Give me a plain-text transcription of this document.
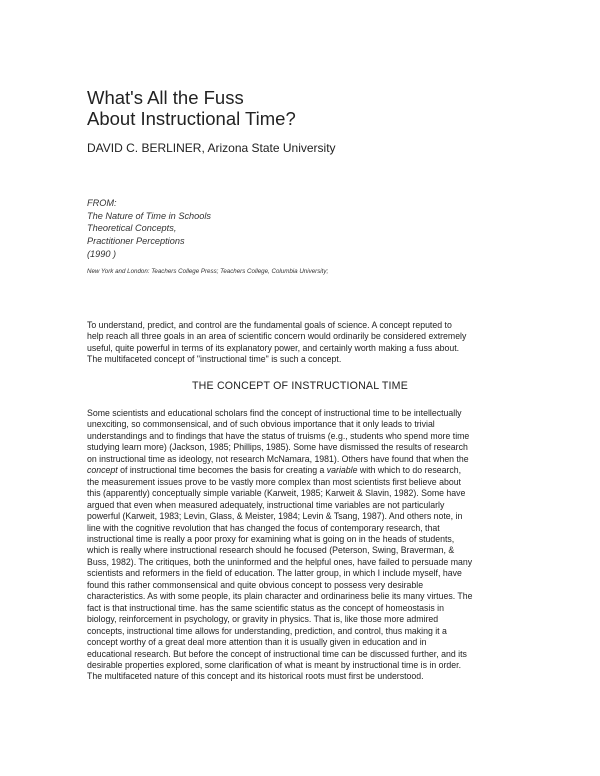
What's All the Fuss
About Instructional Time?
DAVID C. BERLINER, Arizona State University
FROM:
The Nature of Time in Schools
Theoretical Concepts,
Practitioner Perceptions
(1990 )
New York and London: Teachers College Press; Teachers College, Columbia University;
To understand, predict, and control are the fundamental goals of science. A concept reputed to
help reach all three goals in an area of scientific concern would ordinarily be considered extremely
useful, quite powerful in terms of its explanatory power, and certainly worth making a fuss about.
The multifaceted concept of "instructional time" is such a concept.
THE CONCEPT OF INSTRUCTIONAL TIME
Some scientists and educational scholars find the concept of instructional time to be intellectually
unexciting, so commonsensical, and of such obvious importance that it only leads to trivial
understandings and to findings that have the status of truisms (e.g., students who spend more time
studying learn more) (Jackson, 1985; Phillips, 1985). Some have dismissed the results of research
on instructional time as ideology, not research McNamara, 1981). Others have found that when the
concept of instructional time becomes the basis for creating a variable with which to do research,
the measurement issues prove to be vastly more complex than most scientists first believe about
this (apparently) conceptually simple variable (Karweit, 1985; Karweit & Slavin, 1982). Some have
argued that even when measured adequately, instructional time variables are not particularly
powerful (Karweit, 1983; Levin, Glass, & Meister, 1984; Levin & Tsang, 1987). And others note, in
line with the cognitive revolution that has changed the focus of contemporary research, that
instructional time is really a poor proxy for examining what is going on in the heads of students,
which is really where instructional research should he focused (Peterson, Swing, Braverman, &
Buss, 1982). The critiques, both the uninformed and the helpful ones, have failed to persuade many
scientists and reformers in the field of education. The latter group, in which I include myself, have
found this rather commonsensical and quite obvious concept to possess very desirable
characteristics. As with some people, its plain character and ordinariness belie its many virtues. The
fact is that instructional time. has the same scientific status as the concept of homeostasis in
biology, reinforcement in psychology, or gravity in physics. That is, like those more admired
concepts, instructional time allows for understanding, prediction, and control, thus making it a
concept worthy of a great deal more attention than it is usually given in education and in
educational research. But before the concept of instructional time can be discussed further, and its
desirable properties explored, some clarification of what is meant by instructional time is in order.
The multifaceted nature of this concept and its historical roots must first be understood.
